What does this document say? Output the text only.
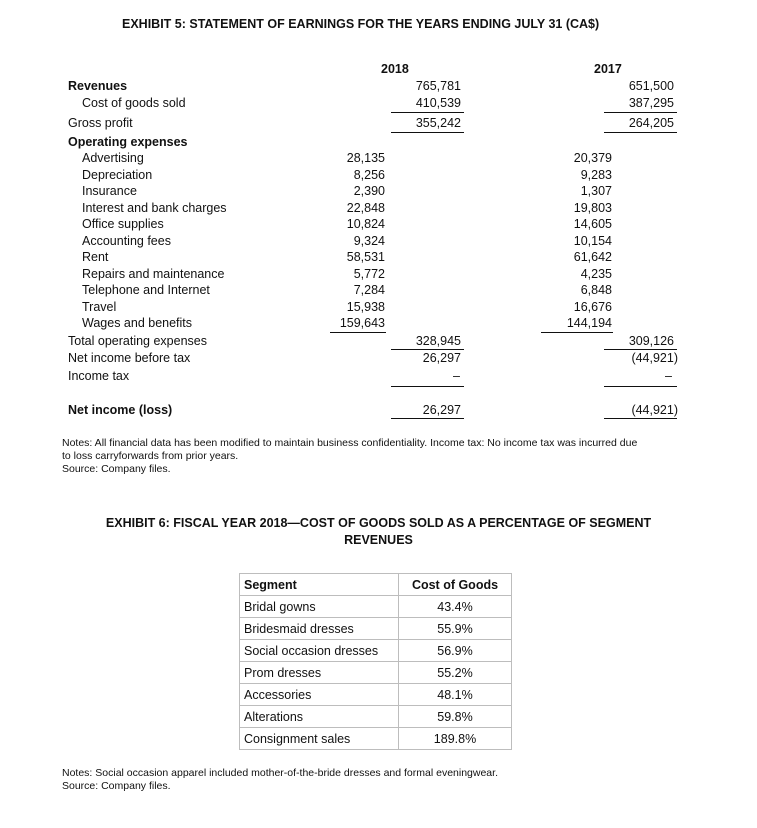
EXHIBIT 5: STATEMENT OF EARNINGS FOR THE YEARS ENDING JULY 31 (CA$)
2018	2017
Revenues	765,781	651,500
Cost of goods sold	410,539	387,295
Gross profit	355,242	264,205
Operating expenses
Advertising	28,135	20,379
Depreciation	8,256	9,283
Insurance	2,390	1,307
Interest and bank charges	22,848	19,803
Office supplies	10,824	14,605
Accounting fees	9,324	10,154
Rent	58,531	61,642
Repairs and maintenance	5,772	4,235
Telephone and Internet	7,284	6,848
Travel	15,938	16,676
Wages and benefits	159,643	144,194
Total operating expenses	328,945	309,126
Net income before tax	26,297	(44,921)
Income tax	–	–
Net income (loss)	26,297	(44,921)
Notes: All financial data has been modified to maintain business confidentiality. Income tax: No income tax was incurred due
to loss carryforwards from prior years.
Source: Company files.
EXHIBIT 6: FISCAL YEAR 2018—COST OF GOODS SOLD AS A PERCENTAGE OF SEGMENT
REVENUES
Segment	Cost of Goods
Bridal gowns	43.4%
Bridesmaid dresses	55.9%
Social occasion dresses	56.9%
Prom dresses	55.2%
Accessories	48.1%
Alterations	59.8%
Consignment sales	189.8%
Notes: Social occasion apparel included mother-of-the-bride dresses and formal eveningwear.
Source: Company files.
